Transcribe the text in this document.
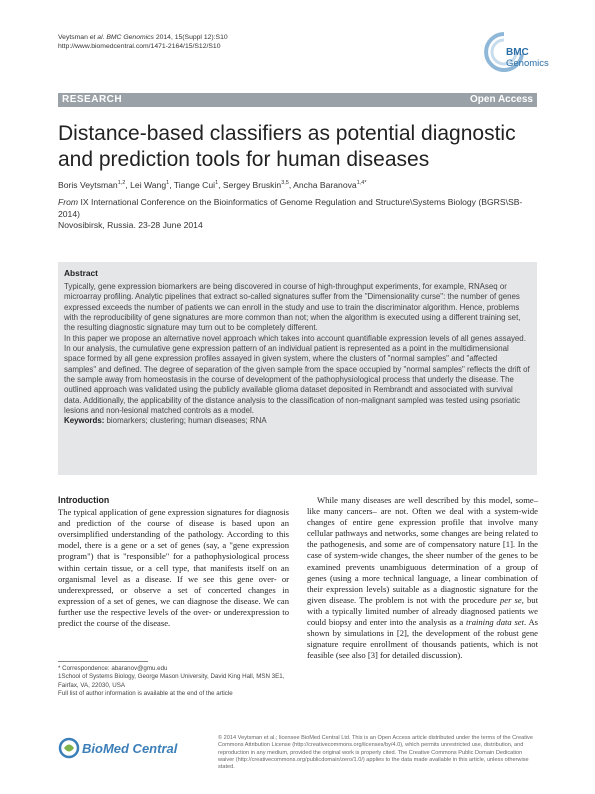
Veytsman et al. BMC Genomics 2014, 15(Suppl 12):S10
http://www.biomedcentral.com/1471-2164/15/S12/S10
BMC
Genomics
RESEARCH	Open Access
Distance-based classifiers as potential diagnostic and prediction tools for human diseases
Boris Veytsman$^{1,2}$, Lei Wang$^1$, Tiange Cui$^1$, Sergey Bruskin$^{3,5}$, Ancha Baranova$^{1,4*}$
From IX International Conference on the Bioinformatics of Genome Regulation and Structure\Systems Biology (BGRS\SB-2014)
Novosibirsk, Russia. 23-28 June 2014
Abstract

Typically, gene expression biomarkers are being discovered in course of high-throughput experiments, for example, RNAseq or microarray profiling. Analytic pipelines that extract so-called signatures suffer from the "Dimensionality curse": the number of genes expressed exceeds the number of patients we can enroll in the study and use to train the discriminator algorithm. Hence, problems with the reproducibility of gene signatures are more common than not; when the algorithm is executed using a different training set, the resulting diagnostic signature may turn out to be completely different.

In this paper we propose an alternative novel approach which takes into account quantifiable expression levels of all genes assayed. In our analysis, the cumulative gene expression pattern of an individual patient is represented as a point in the multidimensional space formed by all gene expression profiles assayed in given system, where the clusters of "normal samples" and "affected samples" and defined. The degree of separation of the given sample from the space occupied by "normal samples" reflects the drift of the sample away from homeostasis in the course of development of the pathophysiological process that underly the disease. The outlined approach was validated using the publicly available glioma dataset deposited in Rembrandt and associated with survival data. Additionally, the applicability of the distance analysis to the classification of non-malignant sampled was tested using psoriatic lesions and non-lesional matched controls as a model.

Keywords: biomarkers; clustering; human diseases; RNA

Introduction

The typical application of gene expression signatures for diagnosis and prediction of the course of disease is based upon an oversimplified understanding of the pathology. According to this model, there is a gene or a set of genes (say, a "gene expression program") that is "responsible" for a pathophysiological process within certain tissue, or a cell type, that manifests itself on an organismal level as a disease. If we see this gene over- or underexpressed, or observe a set of concerted changes in expression of a set of genes, we can diagnose the disease. We can further use the respective levels of the over- or underexpression to predict the course of the disease.

While many diseases are well described by this model, some–like many cancers– are not. Often we deal with a system-wide changes of entire gene expression profile that involve many cellular pathways and networks, some changes are being related to the pathogenesis, and some are of compensatory nature [1]. In the case of system-wide changes, the sheer number of the genes to be examined prevents unambiguous determination of a group of genes (using a more technical language, a linear combination of their expression levels) suitable as a diagnostic signature for the given disease. The problem is not with the procedure per se, but with a typically limited number of already diagnosed patients we could biopsy and enter into the analysis as a training data set. As shown by simulations in [2], the development of the robust gene signature require enrollment of thousands patients, which is not feasible (see also [3] for detailed discussion).

* Correspondence: abaranov@gmu.edu
1School of Systems Biology, George Mason University, David King Hall, MSN 3E1, Fairfax, VA, 22030, USA
Full list of author information is available at the end of the article
BioMed Central
© 2014 Veytsman et al.; licensee BioMed Central Ltd. This is an Open Access article distributed under the terms of the Creative Commons Attribution License (http://creativecommons.org/licenses/by/4.0), which permits unrestricted use, distribution, and reproduction in any medium, provided the original work is properly cited. The Creative Commons Public Domain Dedication waiver (http://creativecommons.org/publicdomain/zero/1.0/) applies to the data made available in this article, unless otherwise stated.
